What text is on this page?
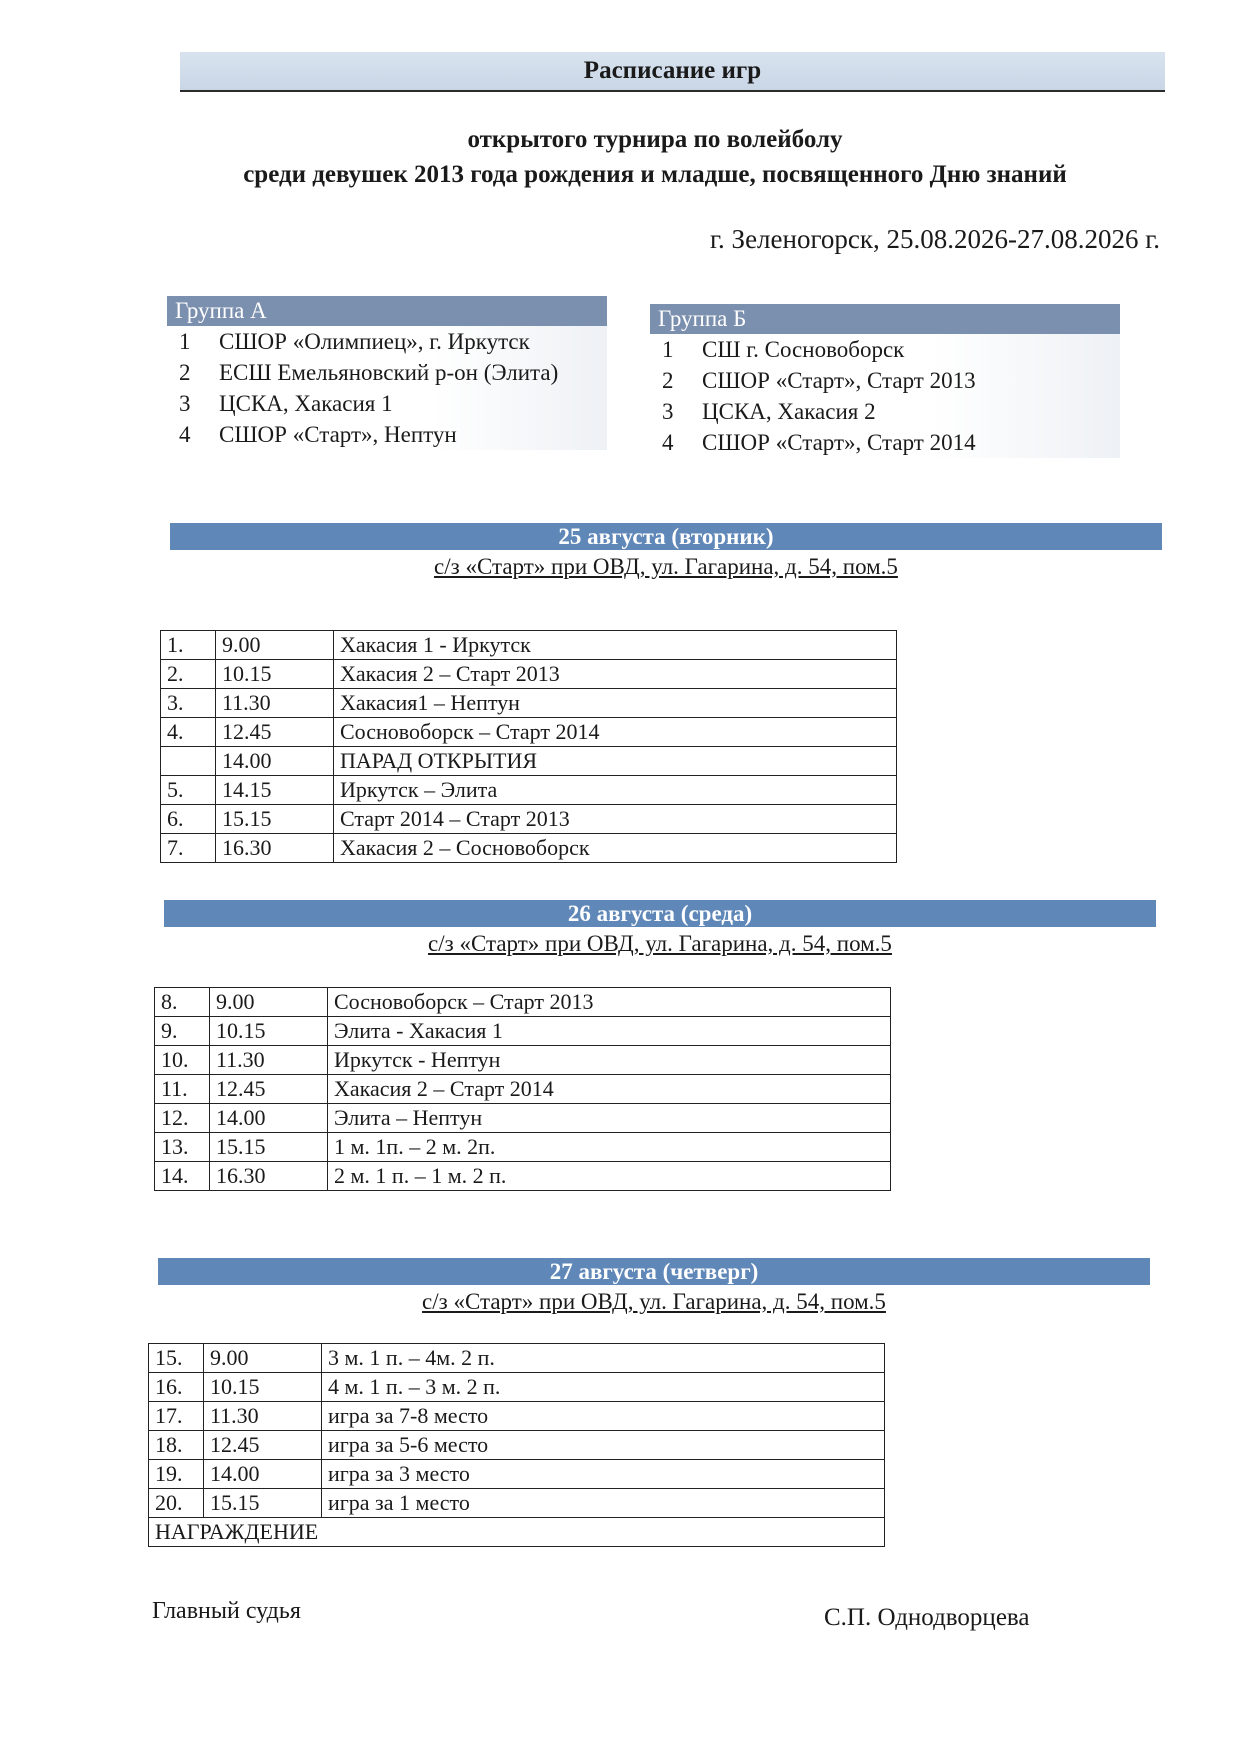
Расписание игр
открытого турнира по волейболу
среди девушек 2013 года рождения и младше, посвященного Дню знаний
г. Зеленогорск, 25.08.2026-27.08.2026 г.
Группа А
1	СШОР «Олимпиец», г. Иркутск
2	ЕСШ Емельяновский р-он (Элита)
3	ЦСКА, Хакасия 1
4	СШОР «Старт», Нептун
Группа Б
1	СШ г. Сосновоборск
2	СШОР «Старт», Старт 2013
3	ЦСКА, Хакасия 2
4	СШОР «Старт», Старт 2014
25 августа (вторник)
с/з «Старт» при ОВД, ул. Гагарина, д. 54, пом.5
1.	9.00	Хакасия 1 - Иркутск
2.	10.15	Хакасия 2 – Старт 2013
3.	11.30	Хакасия1 – Нептун
4.	12.45	Сосновоборск – Старт 2014
	14.00	ПАРАД ОТКРЫТИЯ
5.	14.15	Иркутск – Элита
6.	15.15	Старт 2014 – Старт 2013
7.	16.30	Хакасия 2 – Сосновоборск
26 августа (среда)
с/з «Старт» при ОВД, ул. Гагарина, д. 54, пом.5
8.	9.00	Сосновоборск – Старт 2013
9.	10.15	Элита - Хакасия 1
10.	11.30	Иркутск - Нептун
11.	12.45	Хакасия 2 – Старт 2014
12.	14.00	Элита – Нептун
13.	15.15	1 м. 1п. – 2 м. 2п.
14.	16.30	2 м. 1 п. – 1 м. 2 п.
27 августа (четверг)
с/з «Старт» при ОВД, ул. Гагарина, д. 54, пом.5
15.	9.00	3 м. 1 п. – 4м. 2 п.
16.	10.15	4 м. 1 п. – 3 м. 2 п.
17.	11.30	игра за 7-8 место
18.	12.45	игра за 5-6 место
19.	14.00	игра за 3 место
20.	15.15	игра за 1 место
НАГРАЖДЕНИЕ		
Главный судья	С.П. Однодворцева
